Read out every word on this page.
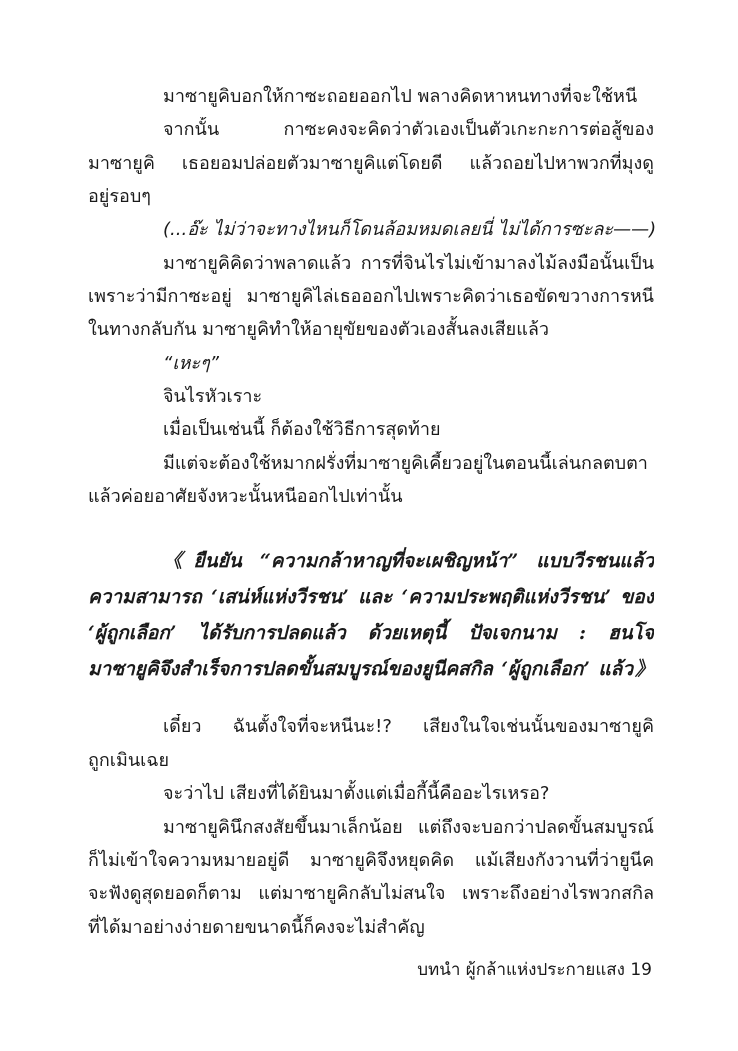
มาซายูคิบอกให้กาซะถอยออกไป พลางคิดหาหนทางที่จะใช้หนี
จากนั้น กาซะคงจะคิดว่าตัวเองเป็นตัวเกะกะการต่อสู้ของ
มาซายูคิ เธอยอมปล่อยตัวมาซายูคิแต่โดยดี แล้วถอยไปหาพวกที่มุงดู
อยู่รอบๆ
(...อ๊ะ ไม่ว่าจะทางไหนก็โดนล้อมหมดเลยนี่ ไม่ได้การซะละ——)
มาซายูคิคิดว่าพลาดแล้ว การที่จินไรไม่เข้ามาลงไม้ลงมือนั้นเป็น
เพราะว่ามีกาซะอยู่ มาซายูคิไล่เธอออกไปเพราะคิดว่าเธอขัดขวางการหนี
ในทางกลับกัน มาซายูคิทำให้อายุขัยของตัวเองสั้นลงเสียแล้ว
“เหะๆ”
จินไรหัวเราะ
เมื่อเป็นเช่นนี้ ก็ต้องใช้วิธีการสุดท้าย
มีแต่จะต้องใช้หมากฝรั่งที่มาซายูคิเคี้ยวอยู่ในตอนนี้เล่นกลตบตา
แล้วค่อยอาศัยจังหวะนั้นหนีออกไปเท่านั้น
《ยืนยัน “ความกล้าหาญที่จะเผชิญหน้า” แบบวีรชนแล้ว
ความสามารถ ‘เสน่ห์แห่งวีรชน’ และ ‘ความประพฤติแห่งวีรชน’ ของ
‘ผู้ถูกเลือก’ ได้รับการปลดแล้ว ด้วยเหตุนี้ ปัจเจกนาม : ฮนโจ
มาซายูคิจึงสำเร็จการปลดขั้นสมบูรณ์ของยูนีคสกิล ‘ผู้ถูกเลือก’ แล้ว》
เดี๋ยว ฉันตั้งใจที่จะหนีนะ!? เสียงในใจเช่นนั้นของมาซายูคิ
ถูกเมินเฉย
จะว่าไป เสียงที่ได้ยินมาตั้งแต่เมื่อกี้นี้คืออะไรเหรอ?
มาซายูคินึกสงสัยขึ้นมาเล็กน้อย แต่ถึงจะบอกว่าปลดขั้นสมบูรณ์
ก็ไม่เข้าใจความหมายอยู่ดี มาซายูคิจึงหยุดคิด แม้เสียงกังวานที่ว่ายูนีค
จะฟังดูสุดยอดก็ตาม แต่มาซายูคิกลับไม่สนใจ เพราะถึงอย่างไรพวกสกิล
ที่ได้มาอย่างง่ายดายขนาดนี้ก็คงจะไม่สำคัญ
บทนำ ผู้กล้าแห่งประกายแสง 19
